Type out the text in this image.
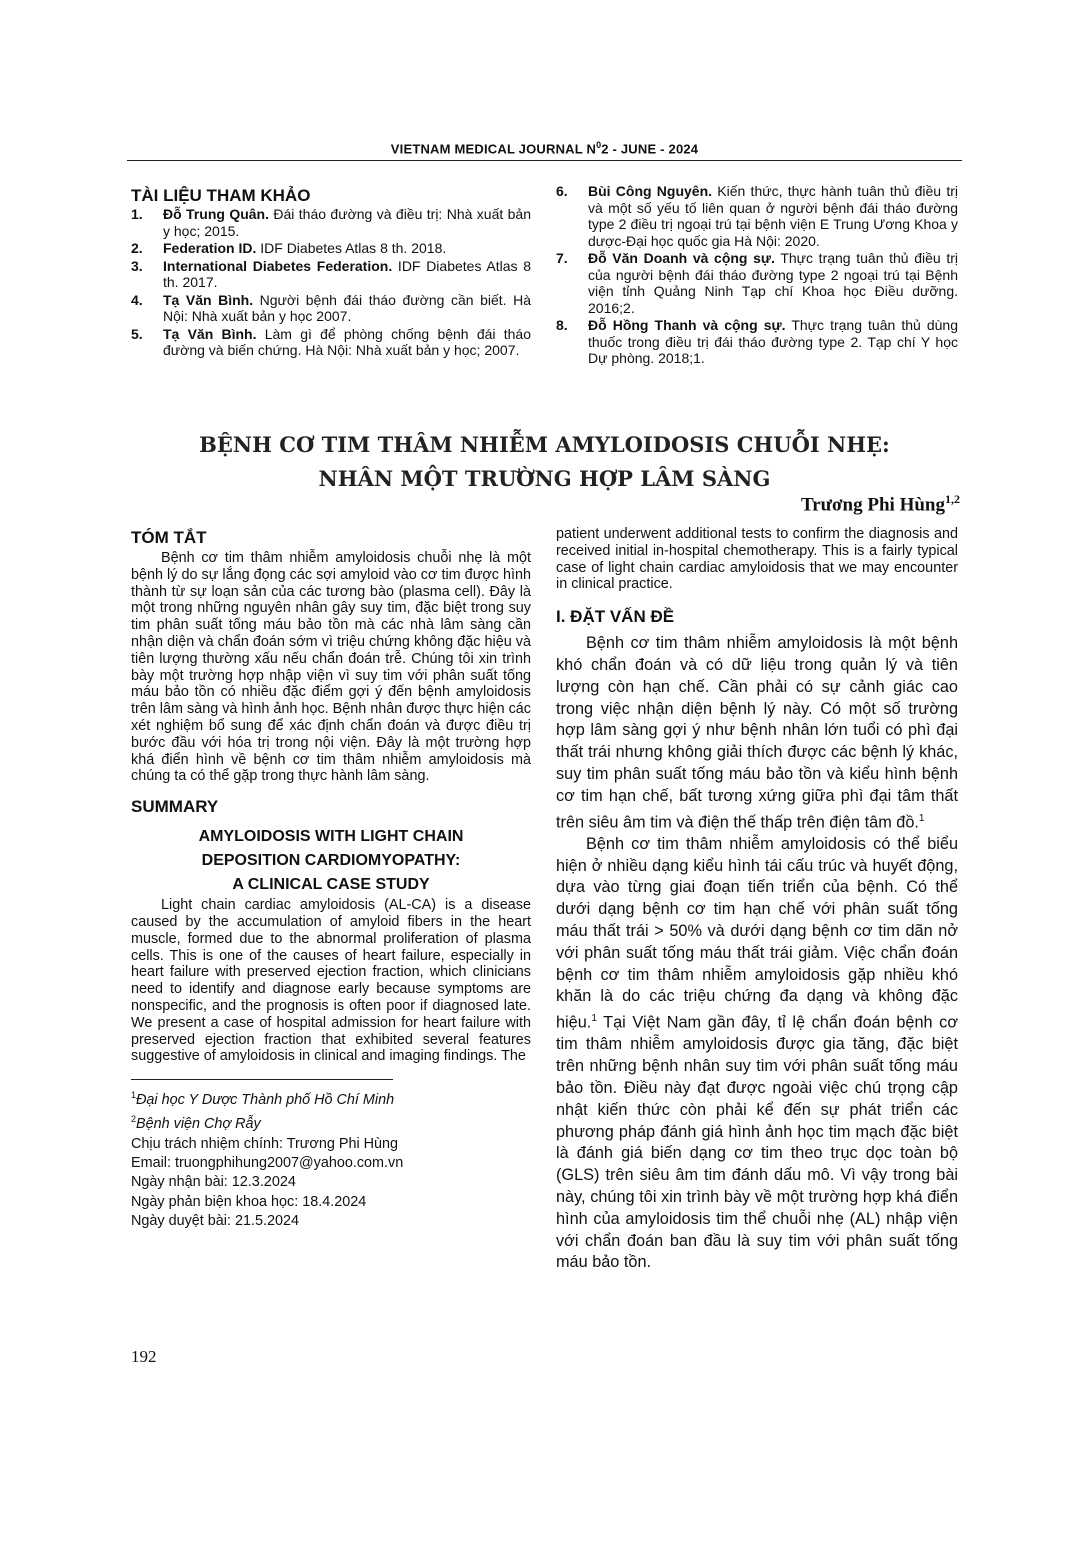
VIETNAM MEDICAL JOURNAL $N^02$ - JUNE - 2024
TÀI LIỆU THAM KHẢO
1.	Đỗ Trung Quân. Đái tháo đường và điều trị: Nhà xuất bản y học; 2015.
2.	Federation ID. IDF Diabetes Atlas 8 th. 2018.
3.	International Diabetes Federation. IDF Diabetes Atlas 8 th. 2017.
4.	Tạ Văn Bình. Người bệnh đái tháo đường cần biết. Hà Nội: Nhà xuất bản y học 2007.
5.	Tạ Văn Bình. Làm gì để phòng chống bệnh đái tháo đường và biến chứng. Hà Nội: Nhà xuất bản y học; 2007.
6.	Bùi Công Nguyên. Kiến thức, thực hành tuân thủ điều trị và một số yếu tố liên quan ở người bệnh đái tháo đường type 2 điều trị ngoại trú tại bệnh viện E Trung Ương Khoa y dược-Đại học quốc gia Hà Nội: 2020.
7.	Đỗ Văn Doanh và cộng sự. Thực trạng tuân thủ điều trị của người bệnh đái tháo đường type 2 ngoại trú tại Bệnh viện tỉnh Quảng Ninh Tạp chí Khoa học Điều dưỡng. 2016;2.
8.	Đỗ Hồng Thanh và cộng sự. Thực trạng tuân thủ dùng thuốc trong điều trị đái tháo đường type 2. Tạp chí Y học Dự phòng. 2018;1.
BỆNH CƠ TIM THÂM NHIỄM AMYLOIDOSIS CHUỖI NHẸ:
NHÂN MỘT TRƯỜNG HỢP LÂM SÀNG
Trương Phi Hùng$^{1,2}$
TÓM TẮT

Bệnh cơ tim thâm nhiễm amyloidosis chuỗi nhẹ là một bệnh lý do sự lắng đọng các sợi amyloid vào cơ tim được hình thành từ sự loạn sản của các tương bào (plasma cell). Đây là một trong những nguyên nhân gây suy tim, đặc biệt trong suy tim phân suất tống máu bảo tồn mà các nhà lâm sàng cần nhận diện và chẩn đoán sớm vì triệu chứng không đặc hiệu và tiên lượng thường xấu nếu chẩn đoán trễ. Chúng tôi xin trình bày một trường hợp nhập viện vì suy tim với phân suất tống máu bảo tồn có nhiều đặc điểm gợi ý đến bệnh amyloidosis trên lâm sàng và hình ảnh học. Bệnh nhân được thực hiện các xét nghiệm bổ sung để xác định chẩn đoán và được điều trị bước đầu với hóa trị trong nội viện. Đây là một trường hợp khá điển hình về bệnh cơ tim thâm nhiễm amyloidosis mà chúng ta có thể gặp trong thực hành lâm sàng.

SUMMARY
AMYLOIDOSIS WITH LIGHT CHAIN
DEPOSITION CARDIOMYOPATHY:
A CLINICAL CASE STUDY

Light chain cardiac amyloidosis (AL-CA) is a disease caused by the accumulation of amyloid fibers in the heart muscle, formed due to the abnormal proliferation of plasma cells. This is one of the causes of heart failure, especially in heart failure with preserved ejection fraction, which clinicians need to identify and diagnose early because symptoms are nonspecific, and the prognosis is often poor if diagnosed late. We present a case of hospital admission for heart failure with preserved ejection fraction that exhibited several features suggestive of amyloidosis in clinical and imaging findings. The

$^1$Đại học Y Dược Thành phố Hồ Chí Minh
$^2$Bệnh viện Chợ Rẫy
Chịu trách nhiệm chính: Trương Phi Hùng
Email: truongphihung2007@yahoo.com.vn
Ngày nhận bài: 12.3.2024
Ngày phản biện khoa học: 18.4.2024
Ngày duyệt bài: 21.5.2024

patient underwent additional tests to confirm the diagnosis and received initial in-hospital chemotherapy. This is a fairly typical case of light chain cardiac amyloidosis that we may encounter in clinical practice.

I. ĐẶT VẤN ĐỀ

Bệnh cơ tim thâm nhiễm amyloidosis là một bệnh khó chẩn đoán và có dữ liệu trong quản lý và tiên lượng còn hạn chế. Cần phải có sự cảnh giác cao trong việc nhận diện bệnh lý này. Có một số trường hợp lâm sàng gợi ý như bệnh nhân lớn tuổi có phì đại thất trái nhưng không giải thích được các bệnh lý khác, suy tim phân suất tống máu bảo tồn và kiểu hình bệnh cơ tim hạn chế, bất tương xứng giữa phì đại tâm thất trên siêu âm tim và điện thế thấp trên điện tâm đồ.$^1$

Bệnh cơ tim thâm nhiễm amyloidosis có thể biểu hiện ở nhiều dạng kiểu hình tái cấu trúc và huyết động, dựa vào từng giai đoạn tiến triển của bệnh. Có thể dưới dạng bệnh cơ tim hạn chế với phân suất tống máu thất trái > 50% và dưới dạng bệnh cơ tim dãn nở với phân suất tống máu thất trái giảm. Việc chẩn đoán bệnh cơ tim thâm nhiễm amyloidosis gặp nhiều khó khăn là do các triệu chứng đa dạng và không đặc hiệu.$^1$ Tại Việt Nam gần đây, tỉ lệ chẩn đoán bệnh cơ tim thâm nhiễm amyloidosis được gia tăng, đặc biệt trên những bệnh nhân suy tim với phân suất tống máu bảo tồn. Điều này đạt được ngoài việc chú trọng cập nhật kiến thức còn phải kể đến sự phát triển các phương pháp đánh giá hình ảnh học tim mạch đặc biệt là đánh giá biến dạng cơ tim theo trục dọc toàn bộ (GLS) trên siêu âm tim đánh dấu mô. Vì vậy trong bài này, chúng tôi xin trình bày về một trường hợp khá điển hình của amyloidosis tim thể chuỗi nhẹ (AL) nhập viện với chẩn đoán ban đầu là suy tim với phân suất tống máu bảo tồn.

192
